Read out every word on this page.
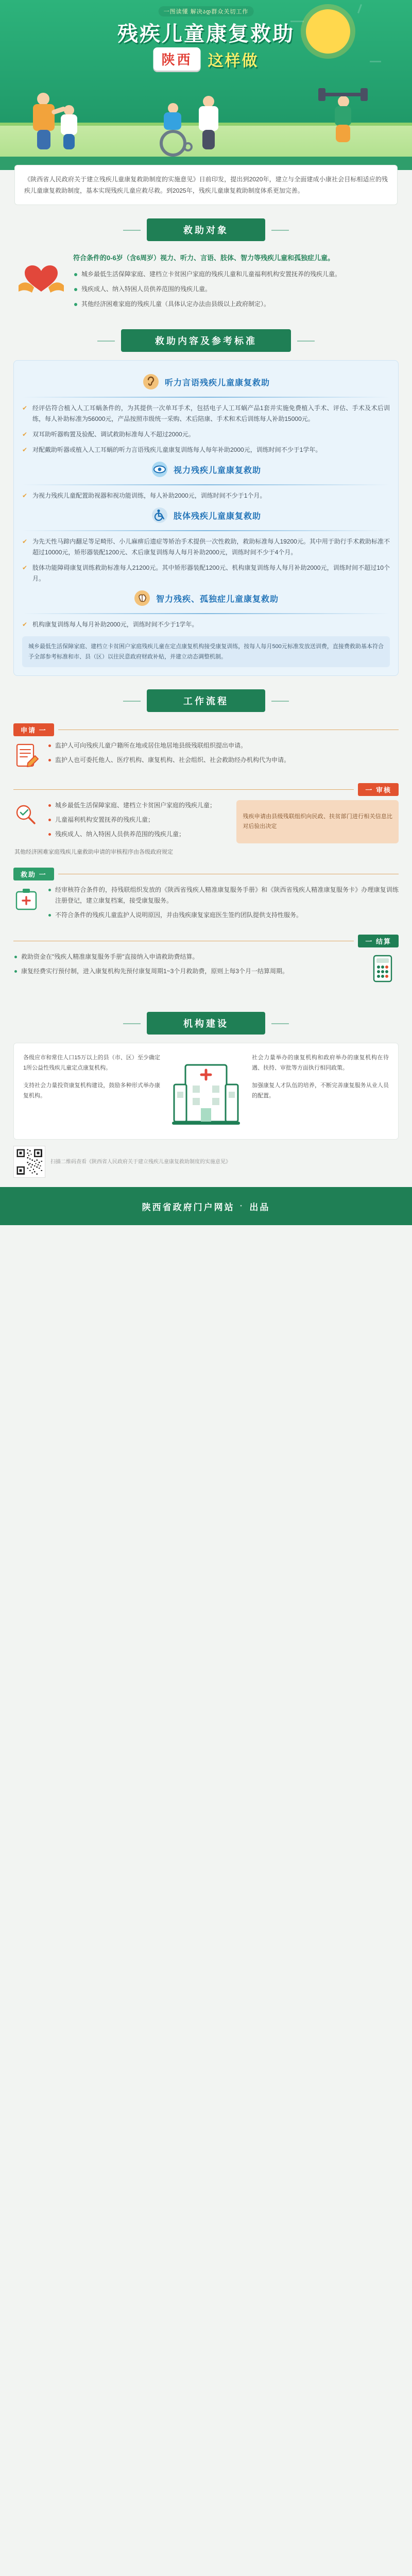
一图读懂 解决ად群众关切工作
残疾儿童康复救助
陕西	这样做
《陕西省人民政府关于建立残疾儿童康复救助制度的实施意见》日前印发，提出到2020年，建立与全面建成小康社会目标相适应的残疾儿童康复救助制度，基本实现残疾儿童应救尽救。到2025年，残疾儿童康复救助制度体系更加完善。
救助对象
符合条件的0-6岁（含6周岁）视力、听力、言语、肢体、智力等残疾儿童和孤独症儿童。
城乡最低生活保障家庭、建档立卡贫困户家庭的残疾儿童和儿童福利机构安置抚养的残疾儿童。
残疾成人、纳入特困人员供养范围的残疾儿童。
其他经济困难家庭的残疾儿童（具体认定办法由县级以上政府制定）。
救助内容及参考标准
听力言语残疾儿童康复救助
✔ 经评估符合植入人工耳蜗条件的，为其提供一次单耳手术，包括电子人工耳蜗产品1套并实施免费植入手术、评估、手术及术后训练，每人补助标准为56000元，产品按照市级统一采购、术后陪康、手术和术后训练每人补助15000元。
✔ 双耳助听器购置及验配、调试救助标准每人不超过2000元。
✔ 对配戴助听器或植入人工耳蜗的听力言语残疾儿童康复训练每人每年补助2000元，训练时间不少于1学年。
视力残疾儿童康复救助
✔ 为视力残疾儿童配置助视器和视功能训练，每人补助2000元，训练时间不少于1个月。
肢体残疾儿童康复救助
✔ 为先天性马蹄内翻足等足畸形、小儿麻痹后遗症等矫治手术提供一次性救助，救助标准每人19200元。其中用于助行手术救助标准不超过10000元，矫形器装配1200元、术后康复训练每人每月补助2000元，训练时间不少于4个月。
✔ 肢体功能障碍康复训练救助标准每人21200元。其中矫形器装配1200元、机构康复训练每人每月补助2000元，训练时间不超过10个月。
智力残疾、孤独症儿童康复救助
✔ 机构康复训练每人每月补助2000元，训练时间不少于1学年。
城乡最低生活保障家庭、建档立卡贫困户家庭残疾儿童在定点康复机构接受康复训练，按每人每月500元标准发放送训费，直接费救助基本符合予全部参考标准和市、县（区）以往民意政府财政补贴，并建立动态调整机制。
工作流程
申请 一
监护人可向残疾儿童户籍所在地或居住地居地县级残联组织提出申请。
监护人也可委托他人、医疗机构、康复机构、社会组织、社会救助经办机构代为申请。
一 审核
城乡最低生活保障家庭、建档立卡贫困户家庭的残疾儿童；
儿童福利机构安置抚养的残疾儿童；
残疾成人、纳入特困人员供养范围的残疾儿童；
残疾申请由县级残联组织向民政、扶贫部门进行相关信息比对后验出决定
其他经济困难家庭残疾儿童救助申请的审核程序由各级政府规定
救助 一
经审核符合条件的，持残联组织发放的《陕西省残疾人精准康复服务手册》和《陕西省残疾人精准康复服务卡》办理康复训练注册登记，建立康复档案，接受康复服务。
不符合条件的残疾儿童监护人说明原因，并由残疾康复家庭医生签约团队提供支持性服务。
一 结算
救助资金在"残疾人精准康复服务手册"直接纳入申请救助费结算。
康复经费实行预付制，进入康复机构先预付康复周期1~3个月救助费，原则上每3个月一结算周期。
机构建设

各级应市和常住人口15万以上的县（市、区）至少确定1所公益性残疾儿童定点康复机构。

支持社会力量投资康复机构建设，鼓励多种形式举办康复机构。

社会力量举办的康复机构和政府举办的康复机构在待遇、扶持、审批等方面执行相同政策。

加强康复人才队伍的培养，不断完善康复服务从业人员的配置。

扫描二维码查看《陕西省人民政府关于建立残疾儿童康复救助制度的实施意见》
陕西省政府门户网站 · 出品
